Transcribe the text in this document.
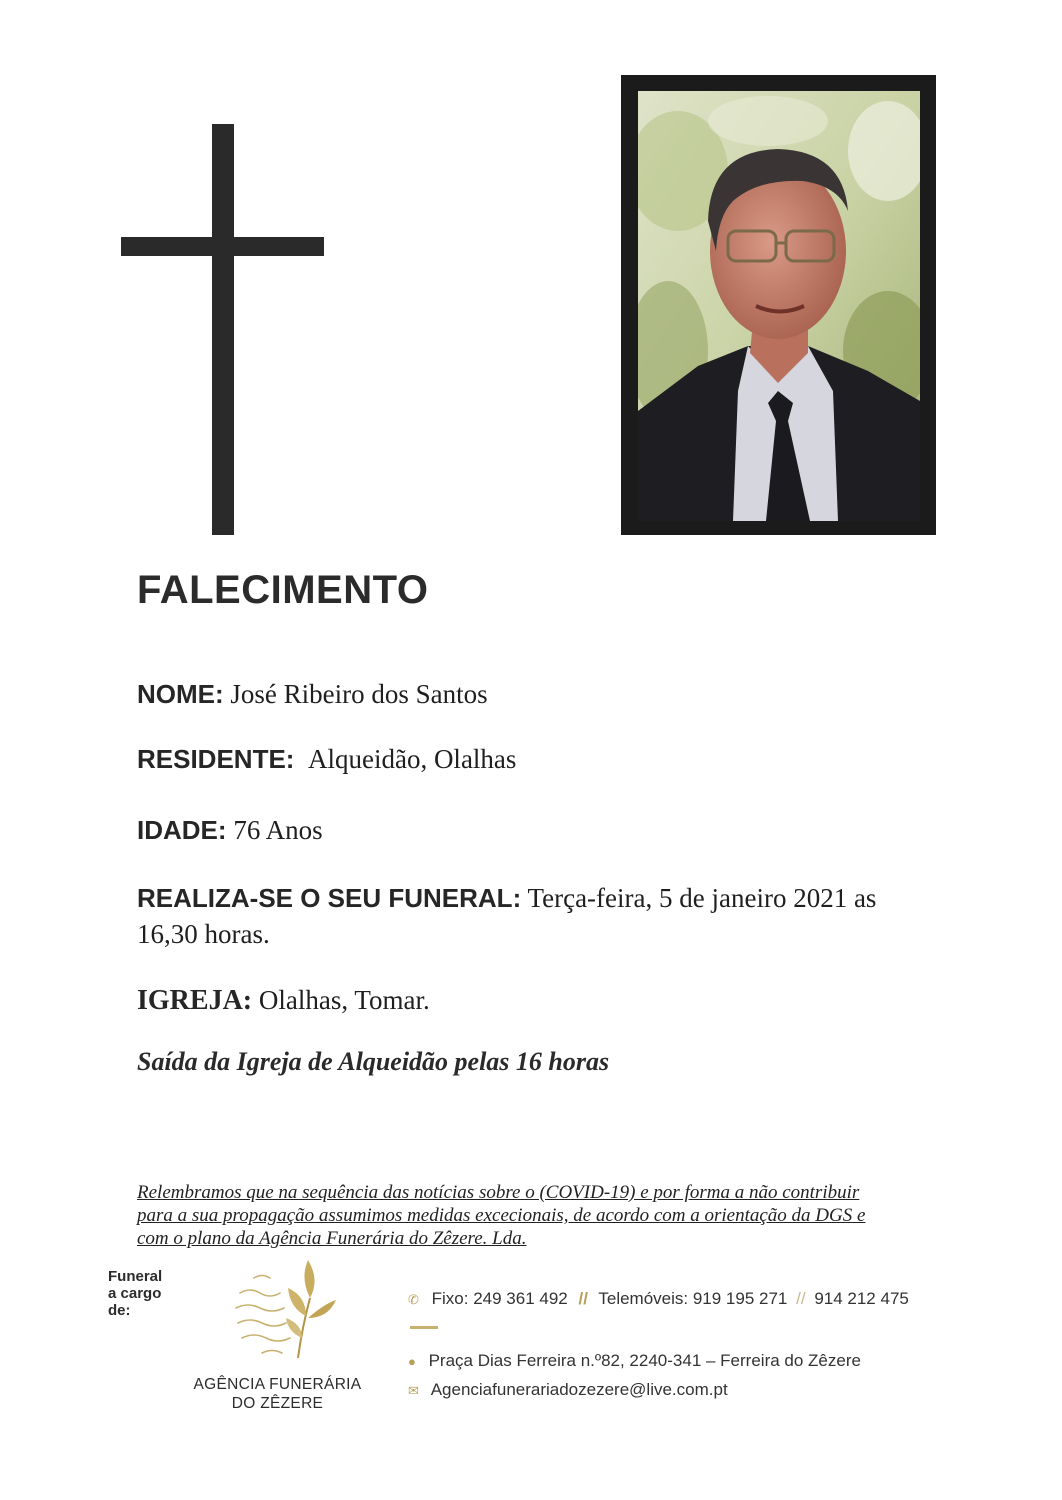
FALECIMENTO
NOME: José Ribeiro dos Santos
RESIDENTE: Alqueidão, Olalhas
IDADE: 76 Anos
REALIZA-SE O SEU FUNERAL: Terça-feira, 5 de janeiro 2021 as 16,30 horas.
IGREJA: Olalhas, Tomar.
Saída da Igreja de Alqueidão pelas 16 horas
Relembramos que na sequência das notícias sobre o (COVID-19) e por forma a não contribuir para a sua propagação assumimos medidas excecionais, de acordo com a orientação da DGS e com o plano da Agência Funerária do Zêzere. Lda.
Funeral
a cargo
de:
AGÊNCIA FUNERÁRIA
DO ZÊZERE
✆ Fixo: 249 361 492 // Telemóveis: 919 195 271 // 914 212 475
● Praça Dias Ferreira n.º82, 2240-341 – Ferreira do Zêzere
✉ Agenciafunerariadozezere@live.com.pt
